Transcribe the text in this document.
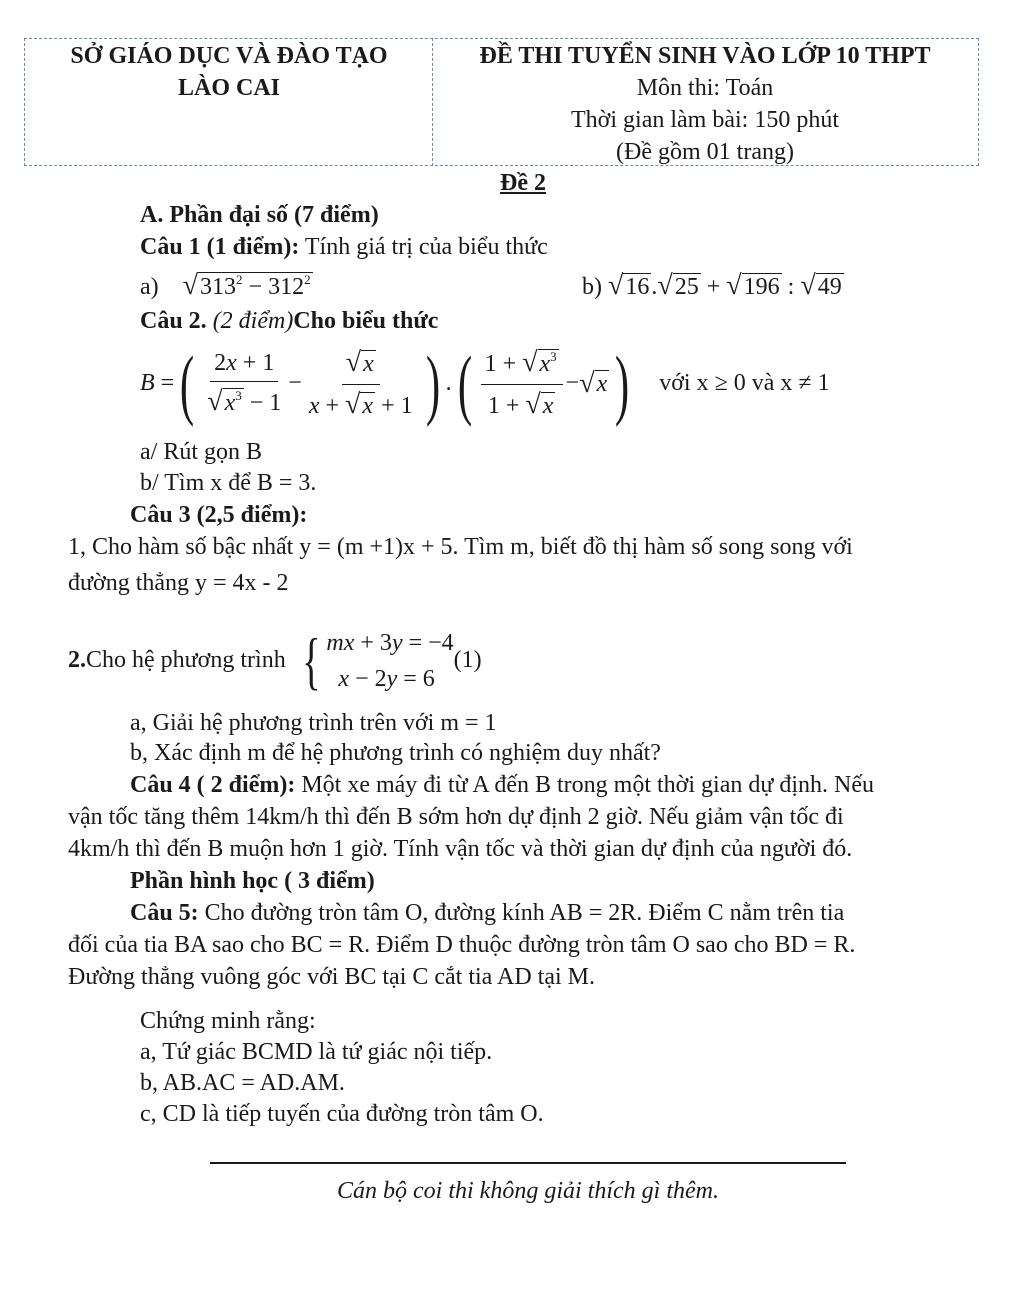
SỞ GIÁO DỤC VÀ ĐÀO TẠO
LÀO CAI
ĐỀ THI TUYỂN SINH VÀO LỚP 10 THPT
Môn thi: Toán
Thời gian làm bài: 150 phút
(Đề gồm 01 trang)
Đề 2
A. Phần đại số (7 điểm)
Câu 1 (1 điểm): Tính giá trị của biểu thức
a) $√313^2 - 312^2$	b) √16.√25 + √196 : √49
Câu 2. (2 điểm)Cho biểu thức
B = ( $\frac{2x + 1}{√x^3 - 1} - \frac{√x}{x + √x + 1}$ ) . ( $\frac{1 + √x^3}{1 + √x}$ − √ x ) với x ≥ 0 và x ≠ 1
a/ Rút gọn B
b/ Tìm x để B = 3.
Câu 3 (2,5 điểm):
1, Cho hàm số bậc nhất y = (m +1)x + 5. Tìm m, biết đồ thị hàm số song song với
đường thẳng y = 4x - 2
2. Cho hệ phương trình { mx + 3y = −4
x − 2y = 6
(1)
a, Giải hệ phương trình trên với m = 1
b, Xác định m để hệ phương trình có nghiệm duy nhất?
Câu 4 ( 2 điểm): Một xe máy đi từ A đến B trong một thời gian dự định. Nếu
vận tốc tăng thêm 14km/h thì đến B sớm hơn dự định 2 giờ. Nếu giảm vận tốc đi
4km/h thì đến B muộn hơn 1 giờ. Tính vận tốc và thời gian dự định của người đó.
Phần hình học ( 3 điểm)
Câu 5: Cho đường tròn tâm O, đường kính AB = 2R. Điểm C nằm trên tia
đối của tia BA sao cho BC = R. Điểm D thuộc đường tròn tâm O sao cho BD = R.
Đường thẳng vuông góc với BC tại C cắt tia AD tại M.
Chứng minh rằng:
a, Tứ giác BCMD là tứ giác nội tiếp.
b, AB.AC = AD.AM.
c, CD là tiếp tuyến của đường tròn tâm O.
Cán bộ coi thi không giải thích gì thêm.
